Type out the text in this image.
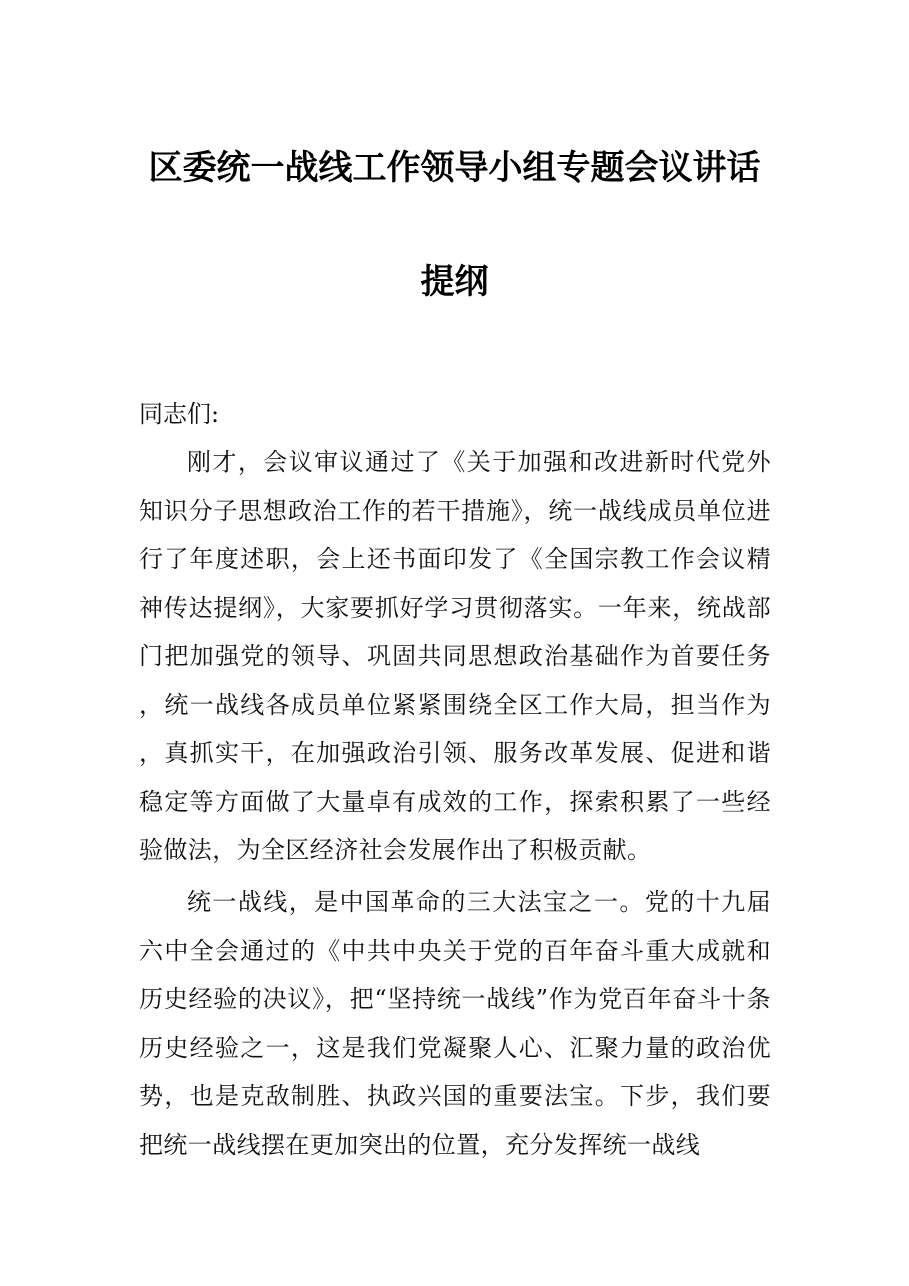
区委统一战线工作领导小组专题会议讲话
提纲
同志们:
刚才，会议审议通过了《关于加强和改进新时代党外知识分子思想政治工作的若干措施》，统一战线成员单位进行了年度述职，会上还书面印发了《全国宗教工作会议精神传达提纲》，大家要抓好学习贯彻落实。一年来，统战部门把加强党的领导、巩固共同思想政治基础作为首要任务，统一战线各成员单位紧紧围绕全区工作大局，担当作为，真抓实干，在加强政治引领、服务改革发展、促进和谐稳定等方面做了大量卓有成效的工作，探索积累了一些经验做法，为全区经济社会发展作出了积极贡献。
统一战线，是中国革命的三大法宝之一。党的十九届六中全会通过的《中共中央关于党的百年奋斗重大成就和历史经验的决议》，把“坚持统一战线”作为党百年奋斗十条历史经验之一，这是我们党凝聚人心、汇聚力量的政治优势，也是克敌制胜、执政兴国的重要法宝。下步，我们要把统一战线摆在更加突出的位置，充分发挥统一战线
